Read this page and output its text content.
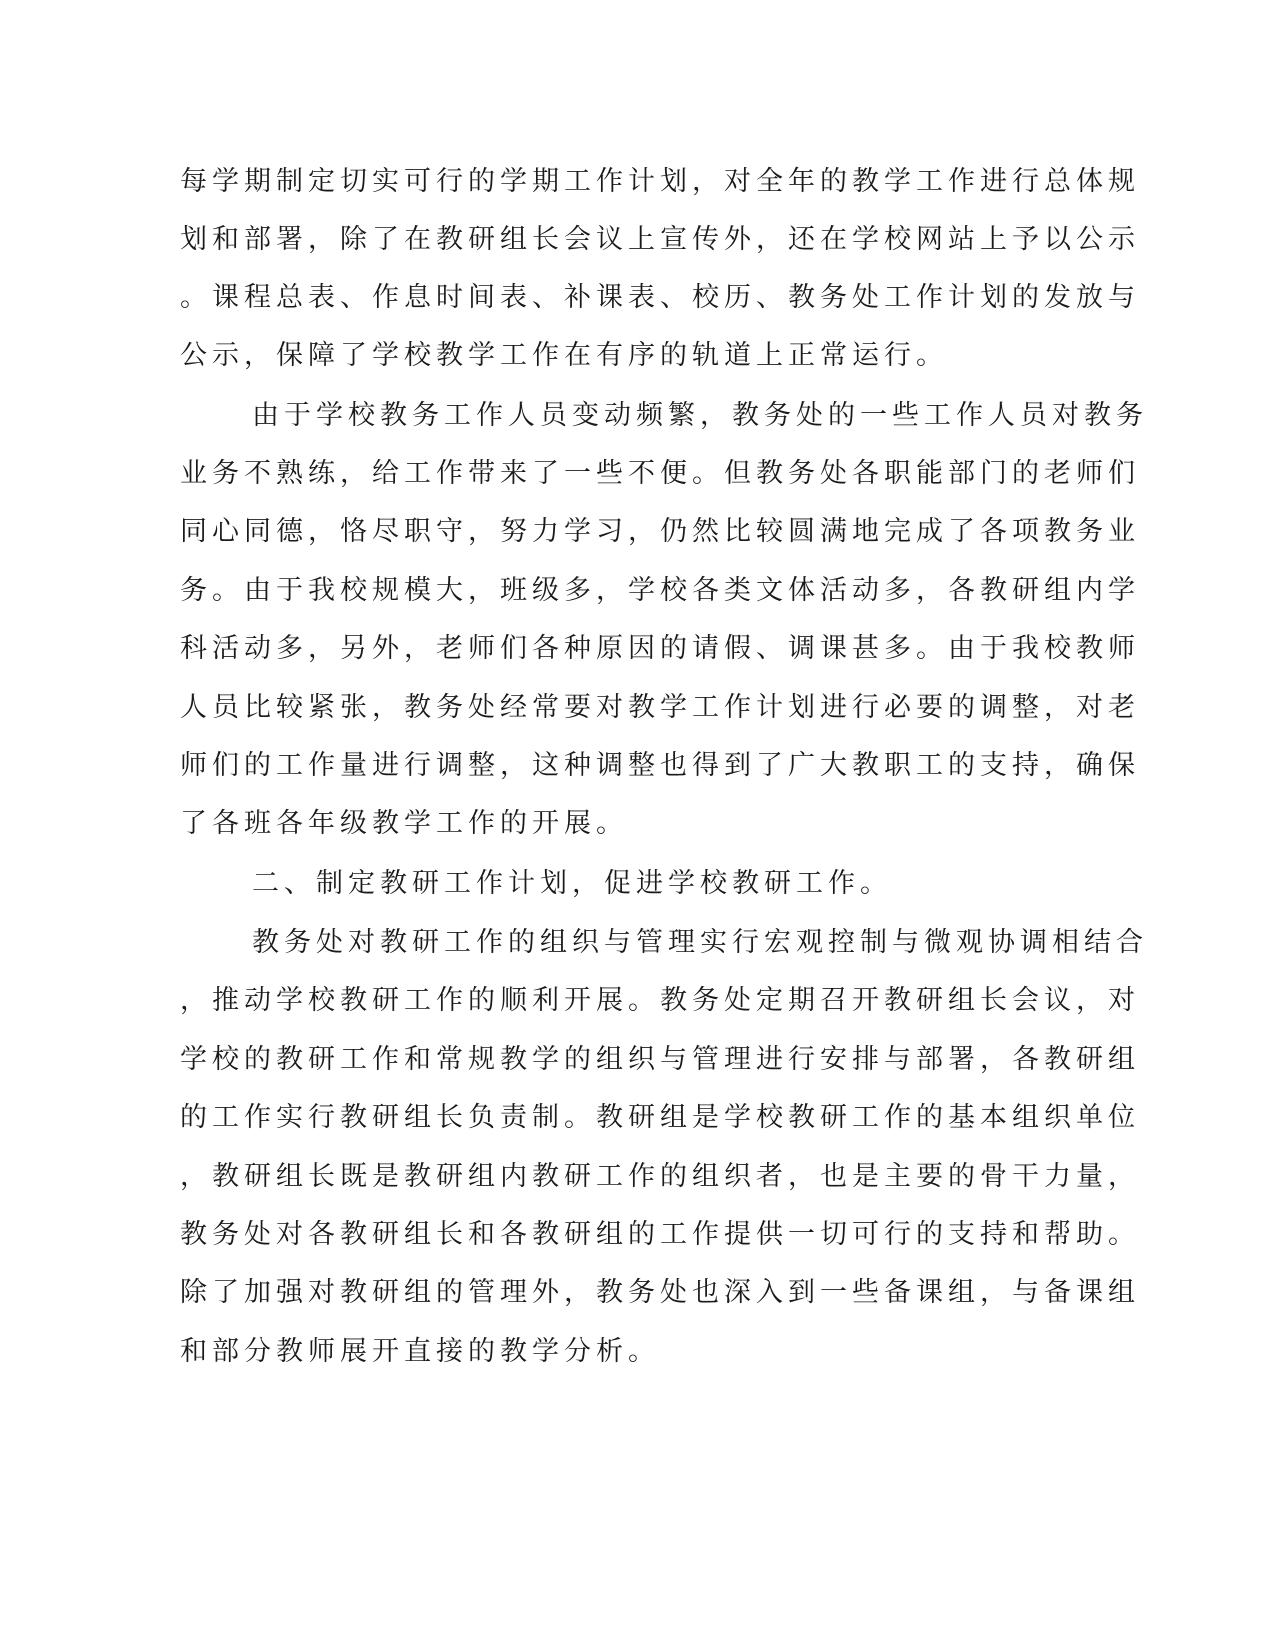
每学期制定切实可行的学期工作计划，对全年的教学工作进行总体规
划和部署，除了在教研组长会议上宣传外，还在学校网站上予以公示
。课程总表、作息时间表、补课表、校历、教务处工作计划的发放与
公示，保障了学校教学工作在有序的轨道上正常运行。
由于学校教务工作人员变动频繁，教务处的一些工作人员对教务
业务不熟练，给工作带来了一些不便。但教务处各职能部门的老师们
同心同德，恪尽职守，努力学习，仍然比较圆满地完成了各项教务业
务。由于我校规模大，班级多，学校各类文体活动多，各教研组内学
科活动多，另外，老师们各种原因的请假、调课甚多。由于我校教师
人员比较紧张，教务处经常要对教学工作计划进行必要的调整，对老
师们的工作量进行调整，这种调整也得到了广大教职工的支持，确保
了各班各年级教学工作的开展。
二、制定教研工作计划，促进学校教研工作。
教务处对教研工作的组织与管理实行宏观控制与微观协调相结合
，推动学校教研工作的顺利开展。教务处定期召开教研组长会议，对
学校的教研工作和常规教学的组织与管理进行安排与部署，各教研组
的工作实行教研组长负责制。教研组是学校教研工作的基本组织单位
，教研组长既是教研组内教研工作的组织者，也是主要的骨干力量，
教务处对各教研组长和各教研组的工作提供一切可行的支持和帮助。
除了加强对教研组的管理外，教务处也深入到一些备课组，与备课组
和部分教师展开直接的教学分析。
